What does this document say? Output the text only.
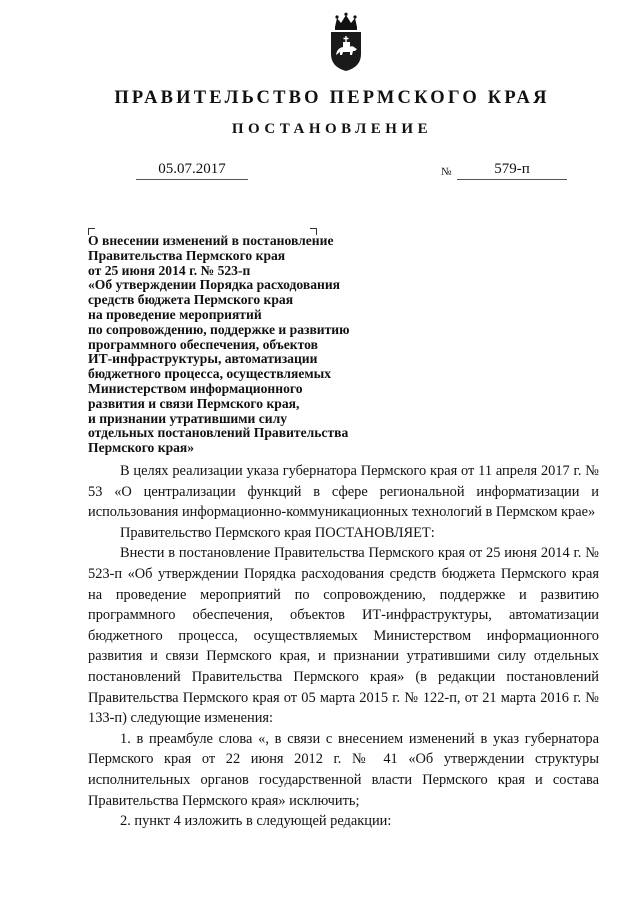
ПРАВИТЕЛЬСТВО ПЕРМСКОГО КРАЯ
ПОСТАНОВЛЕНИЕ
05.07.2017	№	579-п
О внесении изменений в постановление
Правительства Пермского края
от 25 июня 2014 г. № 523-п
«Об утверждении Порядка расходования
средств бюджета Пермского края
на проведение мероприятий
по сопровождению, поддержке и развитию
программного обеспечения, объектов
ИТ-инфраструктуры, автоматизации
бюджетного процесса, осуществляемых
Министерством информационного
развития и связи Пермского края,
и признании утратившими силу
отдельных постановлений Правительства
Пермского края»

В целях реализации указа губернатора Пермского края от 11 апреля 2017 г. № 53 «О централизации функций в сфере региональной информатизации и использования информационно-коммуникационных технологий в Пермском крае»

Правительство Пермского края ПОСТАНОВЛЯЕТ:

Внести в постановление Правительства Пермского края от 25 июня 2014 г. № 523-п «Об утверждении Порядка расходования средств бюджета Пермского края на проведение мероприятий по сопровождению, поддержке и развитию программного обеспечения, объектов ИТ-инфраструктуры, автоматизации бюджетного процесса, осуществляемых Министерством информационного развития и связи Пермского края, и признании утратившими силу отдельных постановлений Правительства Пермского края» (в редакции постановлений Правительства Пермского края от 05 марта 2015 г. № 122-п, от 21 марта 2016 г. № 133-п) следующие изменения:

1. в преамбуле слова «, в связи с внесением изменений в указ губернатора Пермского края от 22 июня 2012 г. № 41 «Об утверждении структуры исполнительных органов государственной власти Пермского края и состава Правительства Пермского края» исключить;

2. пункт 4 изложить в следующей редакции:
